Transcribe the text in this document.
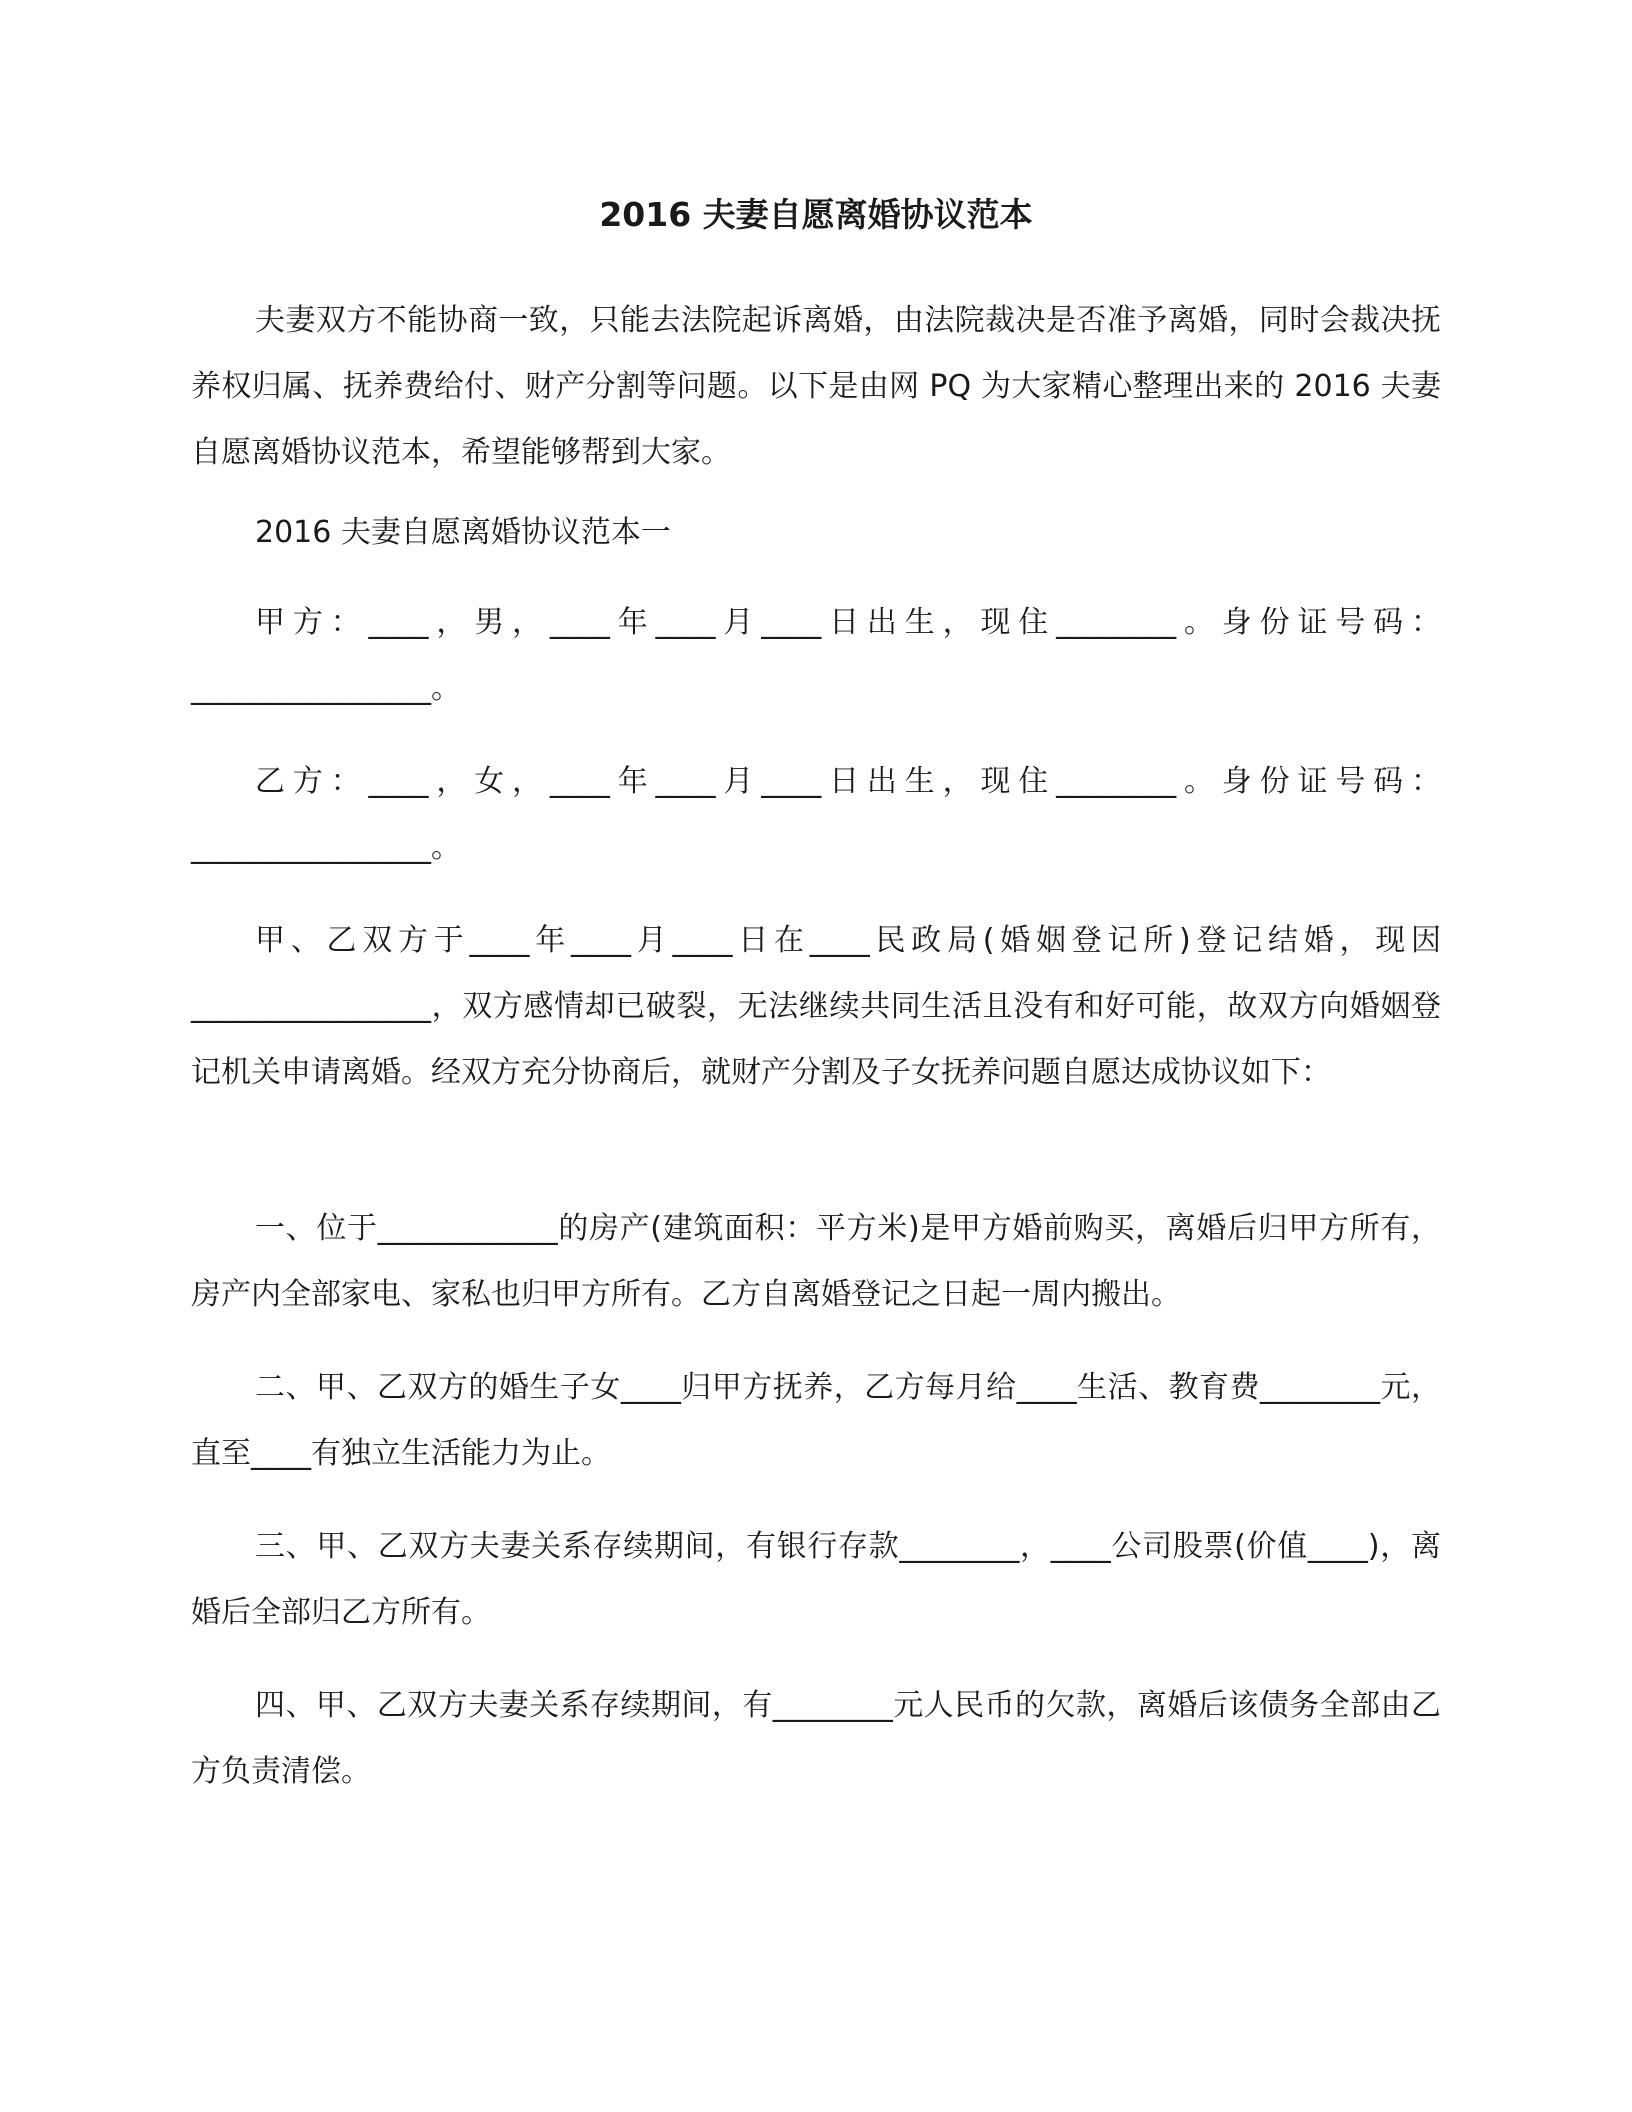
2016 夫妻自愿离婚协议范本

夫妻双方不能协商一致，只能去法院起诉离婚，由法院裁决是否准予离婚，同时会裁决抚养权归属、抚养费给付、财产分割等问题。以下是由网 PQ 为大家精心整理出来的 2016 夫妻自愿离婚协议范本，希望能够帮到大家。

2016 夫妻自愿离婚协议范本一

甲方：____，男，____年____月____日出生，现住________。身份证号码：________________。

乙方：____，女，____年____月____日出生，现住________。身份证号码：________________。

甲、乙双方于____年____月____日在____民政局(婚姻登记所)登记结婚，现因________________，双方感情却已破裂，无法继续共同生活且没有和好可能，故双方向婚姻登记机关申请离婚。经双方充分协商后，就财产分割及子女抚养问题自愿达成协议如下：

一、位于____________的房产(建筑面积：平方米)是甲方婚前购买，离婚后归甲方所有，房产内全部家电、家私也归甲方所有。乙方自离婚登记之日起一周内搬出。

二、甲、乙双方的婚生子女____归甲方抚养，乙方每月给____生活、教育费________元，直至____有独立生活能力为止。

三、甲、乙双方夫妻关系存续期间，有银行存款________，____公司股票(价值____)，离婚后全部归乙方所有。

四、甲、乙双方夫妻关系存续期间，有________元人民币的欠款，离婚后该债务全部由乙方负责清偿。
